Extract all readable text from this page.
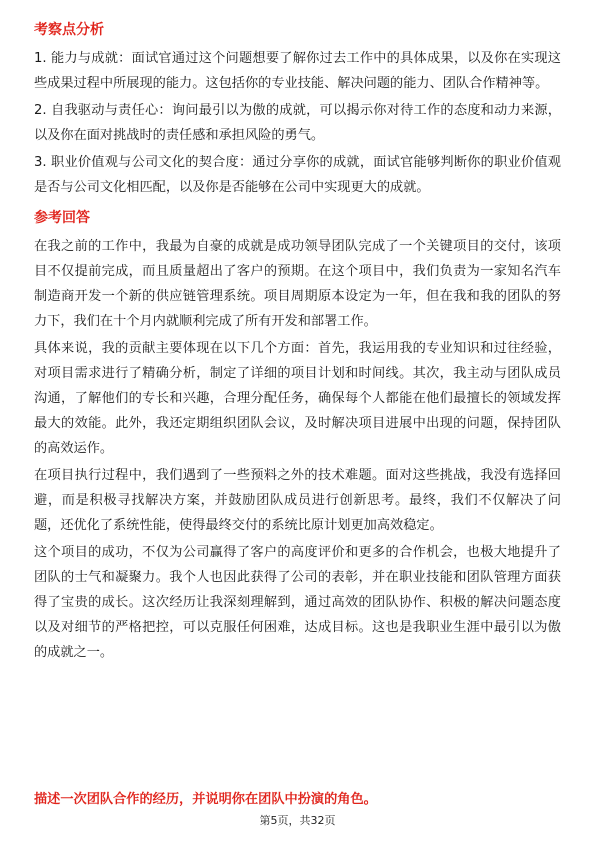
考察点分析

1. 能力与成就：面试官通过这个问题想要了解你过去工作中的具体成果，以及你在实现这些成果过程中所展现的能力。这包括你的专业技能、解决问题的能力、团队合作精神等。

2. 自我驱动与责任心：询问最引以为傲的成就，可以揭示你对待工作的态度和动力来源，以及你在面对挑战时的责任感和承担风险的勇气。

3. 职业价值观与公司文化的契合度：通过分享你的成就，面试官能够判断你的职业价值观是否与公司文化相匹配，以及你是否能够在公司中实现更大的成就。

参考回答

在我之前的工作中，我最为自豪的成就是成功领导团队完成了一个关键项目的交付，该项目不仅提前完成，而且质量超出了客户的预期。在这个项目中，我们负责为一家知名汽车制造商开发一个新的供应链管理系统。项目周期原本设定为一年，但在我和我的团队的努力下，我们在十个月内就顺利完成了所有开发和部署工作。

具体来说，我的贡献主要体现在以下几个方面：首先，我运用我的专业知识和过往经验，对项目需求进行了精确分析，制定了详细的项目计划和时间线。其次，我主动与团队成员沟通，了解他们的专长和兴趣，合理分配任务，确保每个人都能在他们最擅长的领域发挥最大的效能。此外，我还定期组织团队会议，及时解决项目进展中出现的问题，保持团队的高效运作。

在项目执行过程中，我们遇到了一些预料之外的技术难题。面对这些挑战，我没有选择回避，而是积极寻找解决方案，并鼓励团队成员进行创新思考。最终，我们不仅解决了问题，还优化了系统性能，使得最终交付的系统比原计划更加高效稳定。

这个项目的成功，不仅为公司赢得了客户的高度评价和更多的合作机会，也极大地提升了团队的士气和凝聚力。我个人也因此获得了公司的表彰，并在职业技能和团队管理方面获得了宝贵的成长。这次经历让我深刻理解到，通过高效的团队协作、积极的解决问题态度以及对细节的严格把控，可以克服任何困难，达成目标。这也是我职业生涯中最引以为傲的成就之一。

描述一次团队合作的经历，并说明你在团队中扮演的角色。
第5页，共32页
